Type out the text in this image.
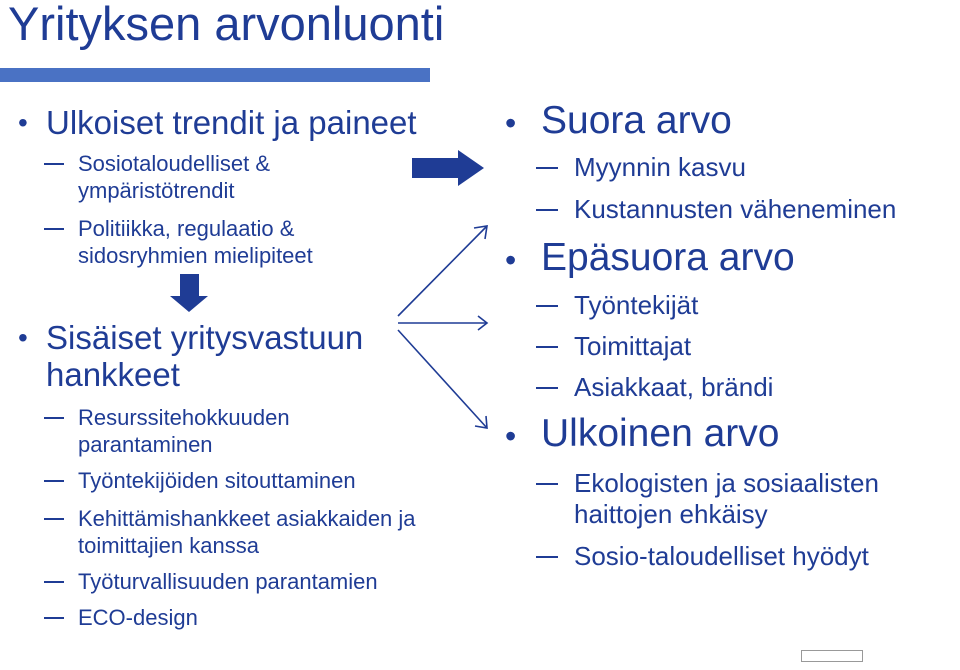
Yrityksen arvonluonti
• Ulkoiset trendit ja paineet
Sosiotaloudelliset &
ympäristötrendit
Politiikka, regulaatio &
sidosryhmien mielipiteet
• Sisäiset yritysvastuun
hankkeet
Resurssitehokkuuden
parantaminen
Työntekijöiden sitouttaminen
Kehittämishankkeet asiakkaiden ja
toimittajien kanssa
Työturvallisuuden parantamien
ECO-design
• Suora arvo
Myynnin kasvu
Kustannusten väheneminen
• Epäsuora arvo
Työntekijät
Toimittajat
Asiakkaat, brändi
• Ulkoinen arvo
Ekologisten ja sosiaalisten
haittojen ehkäisy
Sosio-taloudelliset hyödyt
